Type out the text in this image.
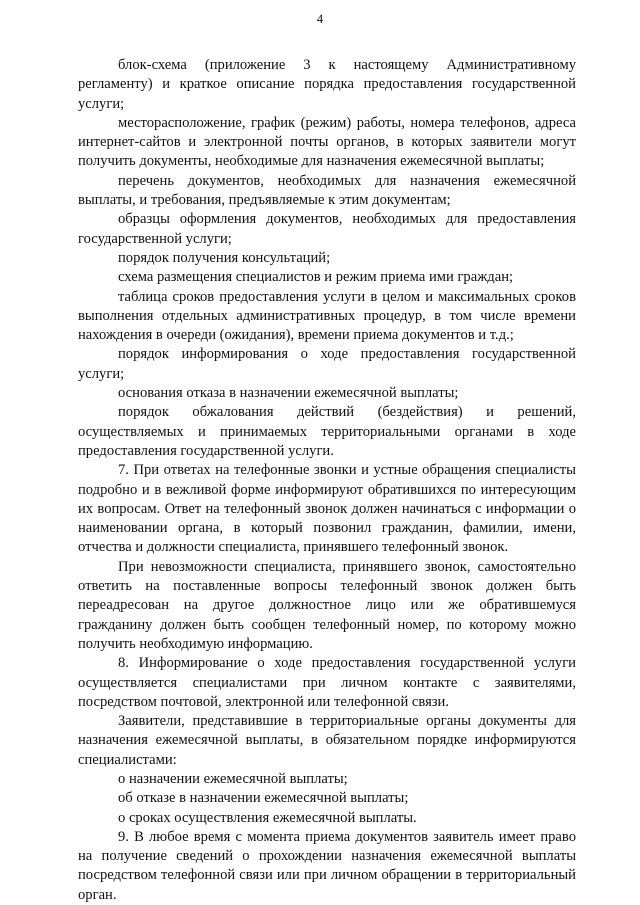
4

блок-схема (приложение 3 к настоящему Административному регламенту) и краткое описание порядка предоставления государственной услуги;

месторасположение, график (режим) работы, номера телефонов, адреса интернет-сайтов и электронной почты органов, в которых заявители могут получить документы, необходимые для назначения ежемесячной выплаты;

перечень документов, необходимых для назначения ежемесячной выплаты, и требования, предъявляемые к этим документам;

образцы оформления документов, необходимых для предоставления государственной услуги;

порядок получения консультаций;

схема размещения специалистов и режим приема ими граждан;

таблица сроков предоставления услуги в целом и максимальных сроков выполнения отдельных административных процедур, в том числе времени нахождения в очереди (ожидания), времени приема документов и т.д.;

порядок информирования о ходе предоставления государственной услуги;

основания отказа в назначении ежемесячной выплаты;

порядок обжалования действий (бездействия) и решений, осуществляемых и принимаемых территориальными органами в ходе предоставления государственной услуги.

7. При ответах на телефонные звонки и устные обращения специалисты подробно и в вежливой форме информируют обратившихся по интересующим их вопросам. Ответ на телефонный звонок должен начинаться с информации о наименовании органа, в который позвонил гражданин, фамилии, имени, отчества и должности специалиста, принявшего телефонный звонок.

При невозможности специалиста, принявшего звонок, самостоятельно ответить на поставленные вопросы телефонный звонок должен быть переадресован на другое должностное лицо или же обратившемуся гражданину должен быть сообщен телефонный номер, по которому можно получить необходимую информацию.

8. Информирование о ходе предоставления государственной услуги осуществляется специалистами при личном контакте с заявителями, посредством почтовой, электронной или телефонной связи.

Заявители, представившие в территориальные органы документы для назначения ежемесячной выплаты, в обязательном порядке информируются специалистами:

о назначении ежемесячной выплаты;

об отказе в назначении ежемесячной выплаты;

о сроках осуществления ежемесячной выплаты.

9. В любое время с момента приема документов заявитель имеет право на получение сведений о прохождении назначения ежемесячной выплаты посредством телефонной связи или при личном обращении в территориальный орган.
